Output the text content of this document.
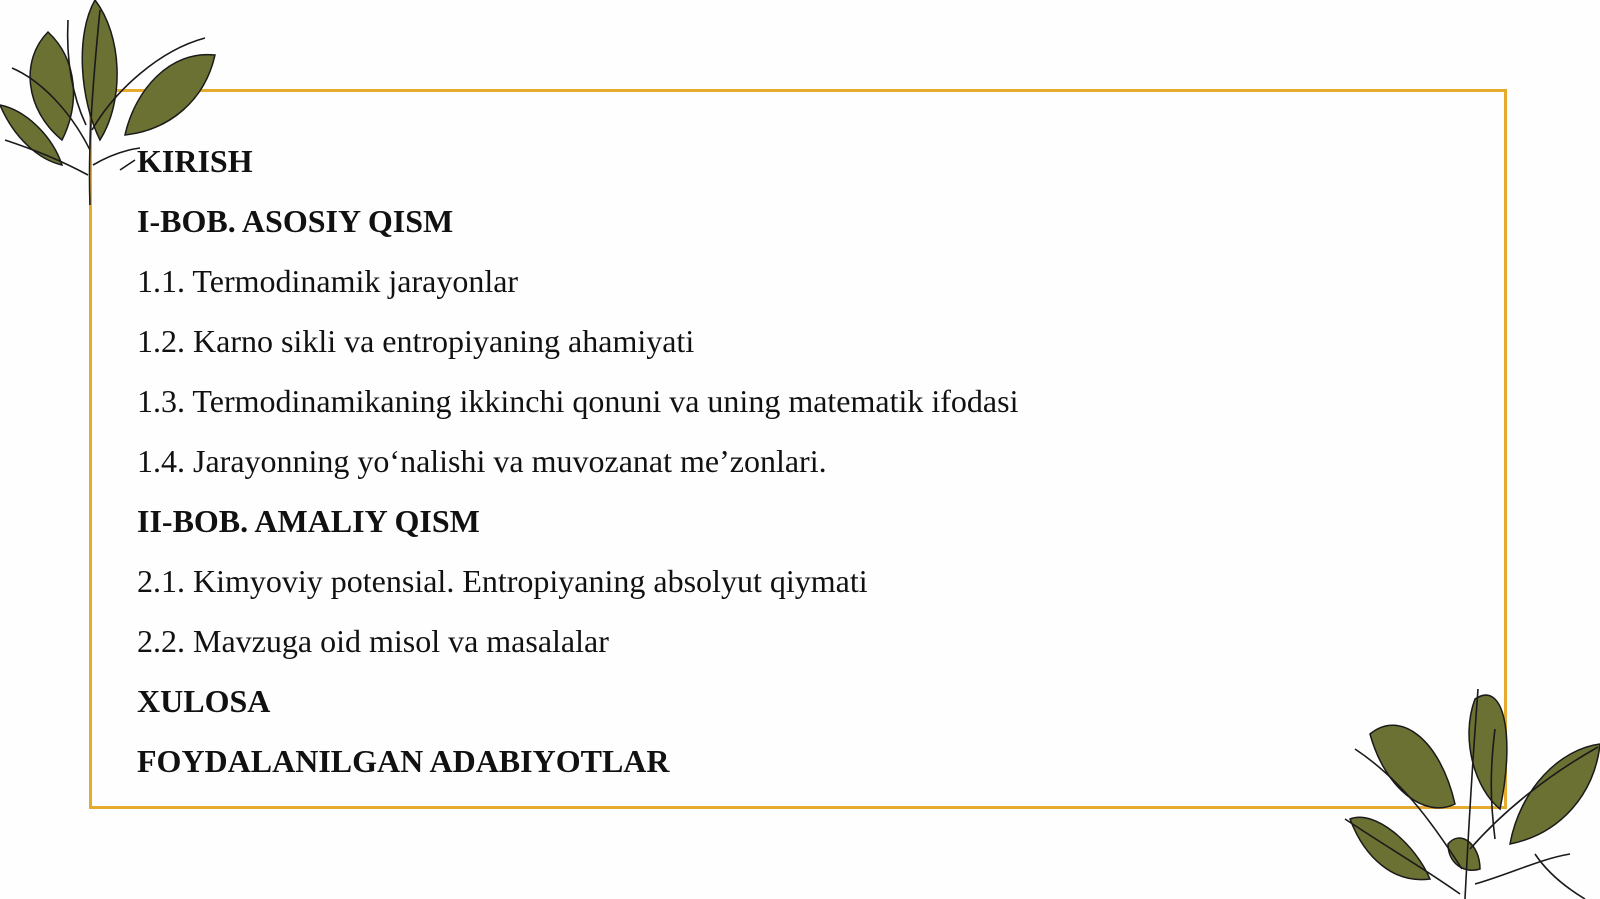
KIRISH
I-BOB. ASOSIY QISM
1.1. Termodinamik jarayonlar
1.2. Karno sikli va entropiyaning ahamiyati
1.3. Termodinamikaning ikkinchi qonuni va uning matematik ifodasi
1.4. Jarayonning yo‘nalishi va muvozanat me’zonlari.
II-BOB. AMALIY QISM
2.1. Kimyoviy potensial. Entropiyaning absolyut qiymati
2.2. Mavzuga oid misol va masalalar
XULOSA
FOYDALANILGAN ADABIYOTLAR
